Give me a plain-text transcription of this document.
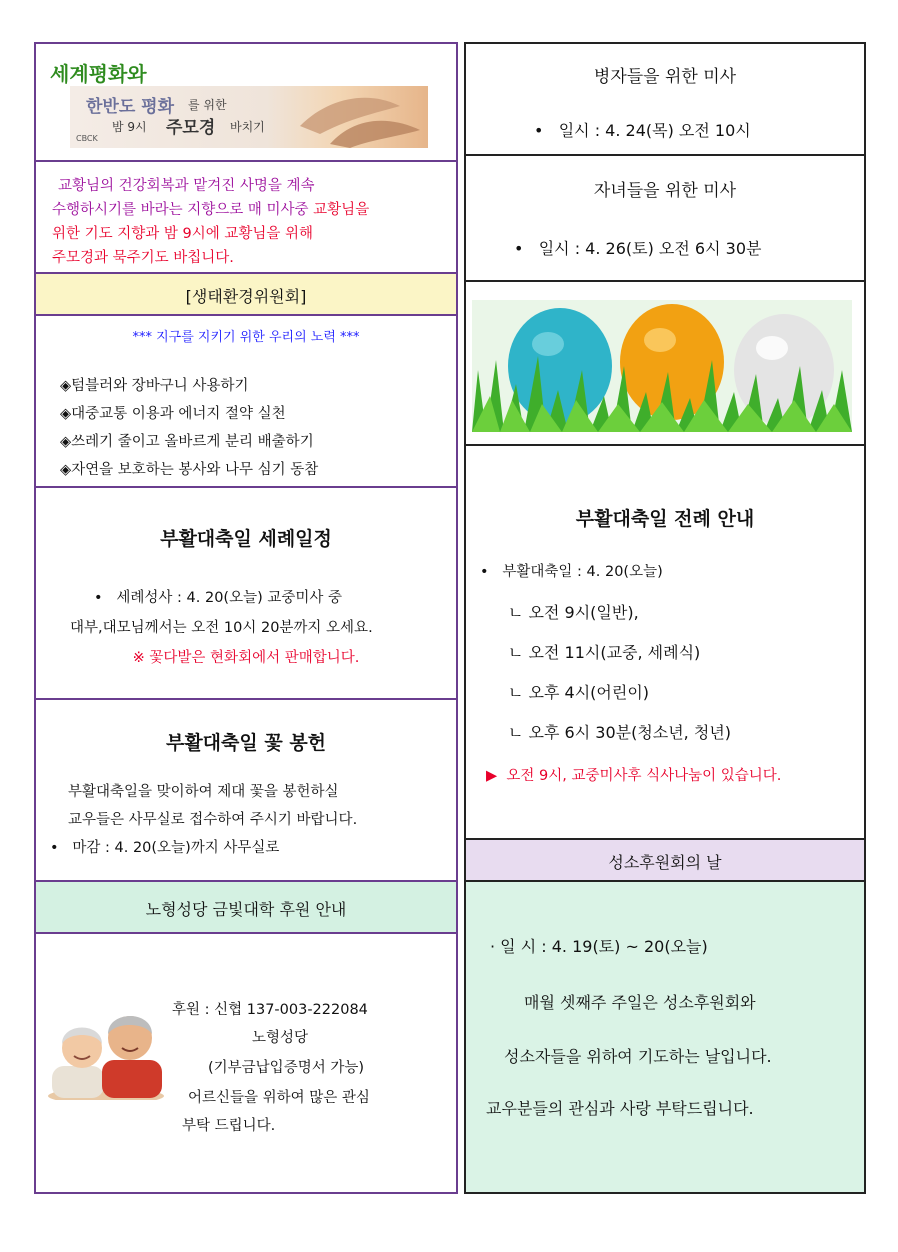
세계평화와
한반도 평화 를 위한
밤 9시 주모경 바치기
CBCK
교황님의 건강회복과 맡겨진 사명을 계속
수행하시기를 바라는 지향으로 매 미사중 교황님을
위한 기도 지향과 밤 9시에 교황님을 위해
주모경과 묵주기도 바칩니다.
[생태환경위원회]
*** 지구를 지키기 위한 우리의 노력 ***
◈텀블러와 장바구니 사용하기
◈대중교통 이용과 에너지 절약 실천
◈쓰레기 줄이고 올바르게 분리 배출하기
◈자연을 보호하는 봉사와 나무 심기 동참
부활대축일 세례일정
•   세례성사 : 4. 20(오늘) 교중미사 중
대부,대모님께서는 오전 10시 20분까지 오세요.
※ 꽃다발은 현화회에서 판매합니다.
부활대축일 꽃 봉헌
부활대축일을 맞이하여 제대 꽃을 봉헌하실
교우들은 사무실로 접수하여 주시기 바랍니다.
•   마감 : 4. 20(오늘)까지 사무실로
노형성당 금빛대학 후원 안내
후원 : 신협 137-003-222084
노형성당
(기부금납입증명서 가능)
어르신들을 위하여 많은 관심
부탁 드립니다.
병자들을 위한 미사
•   일시 : 4. 24(목) 오전 10시
자녀들을 위한 미사
•   일시 : 4. 26(토) 오전 6시 30분
부활대축일 전례 안내
•   부활대축일 : 4. 20(오늘)
ㄴ 오전 9시(일반),
ㄴ 오전 11시(교중, 세례식)
ㄴ 오후 4시(어린이)
ㄴ 오후 6시 30분(청소년, 청년)
▶  오전 9시, 교중미사후 식사나눔이 있습니다.
성소후원회의 날
· 일 시 : 4. 19(토) ~ 20(오늘)
매월 셋째주 주일은 성소후원회와
성소자들을 위하여 기도하는 날입니다.
교우분들의 관심과 사랑 부탁드립니다.
